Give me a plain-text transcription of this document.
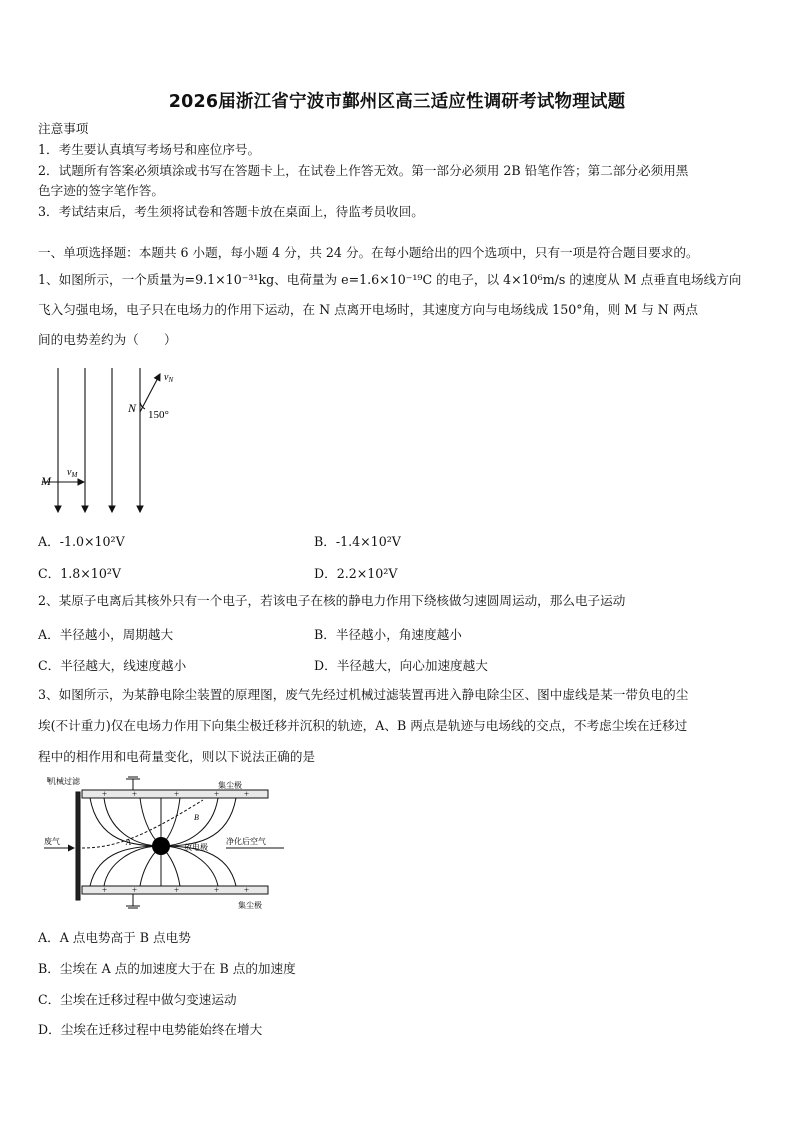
2026届浙江省宁波市鄞州区高三适应性调研考试物理试题
注意事项
1．考生要认真填写考场号和座位序号。
2．试题所有答案必须填涂或书写在答题卡上，在试卷上作答无效。第一部分必须用 2B 铅笔作答；第二部分必须用黑
色字迹的签字笔作答。
3．考试结束后，考生须将试卷和答题卡放在桌面上，待监考员收回。
一、单项选择题：本题共 6 小题，每小题 4 分，共 24 分。在每小题给出的四个选项中，只有一项是符合题目要求的。
1、如图所示，一个质量为=9.1×10⁻³¹kg、电荷量为 e=1.6×10⁻¹⁹C 的电子，以 4×10⁶m/s 的速度从 M 点垂直电场线方向
飞入匀强电场，电子只在电场力的作用下运动，在 N 点离开电场时，其速度方向与电场线成 150°角，则 M 与 N 两点
间的电势差约为（　　）
M
$v_M$
N
$v_N$
150°
A．-1.0×10²V	B．-1.4×10²V
C．1.8×10²V	D．2.2×10²V
2、某原子电离后其核外只有一个电子，若该电子在核的静电力作用下绕核做匀速圆周运动，那么电子运动
A．半径越小，周期越大	B．半径越小，角速度越小
C．半径越大，线速度越小	D．半径越大，向心加速度越大
3、如图所示，为某静电除尘装置的原理图，废气先经过机械过滤装置再进入静电除尘区、图中虚线是某一带负电的尘
埃(不计重力)仅在电场力作用下向集尘极迁移并沉积的轨迹，A、B 两点是轨迹与电场线的交点，不考虑尘埃在迁移过
程中的相作用和电荷量变化，则以下说法正确的是
机械过滤	集尘极
集尘极
废气	净化后空气
放电极
A
B
+	+	+	+	+
+	+	+	+	+
A．A 点电势高于 B 点电势
B．尘埃在 A 点的加速度大于在 B 点的加速度
C．尘埃在迁移过程中做匀变速运动
D．尘埃在迁移过程中电势能始终在增大
